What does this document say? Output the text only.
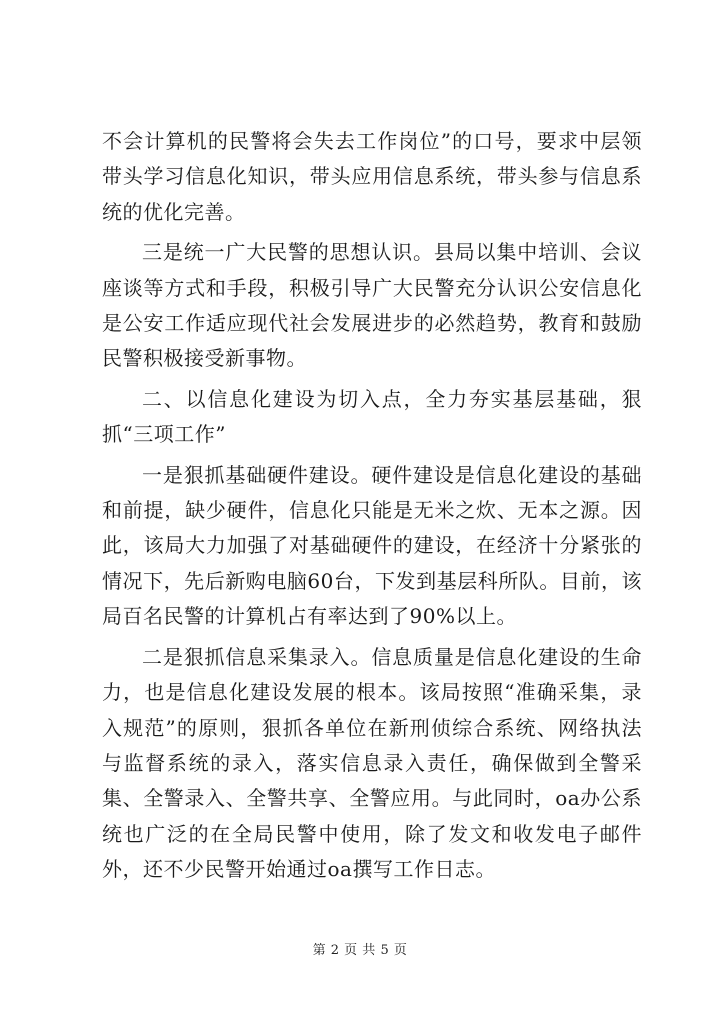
不会计算机的民警将会失去工作岗位”的口号，要求中层领带头学习信息化知识，带头应用信息系统，带头参与信息系统的优化完善。

三是统一广大民警的思想认识。县局以集中培训、会议座谈等方式和手段，积极引导广大民警充分认识公安信息化是公安工作适应现代社会发展进步的必然趋势，教育和鼓励民警积极接受新事物。

二、以信息化建设为切入点，全力夯实基层基础，狠抓“三项工作”

一是狠抓基础硬件建设。硬件建设是信息化建设的基础和前提，缺少硬件，信息化只能是无米之炊、无本之源。因此，该局大力加强了对基础硬件的建设，在经济十分紧张的情况下，先后新购电脑60台，下发到基层科所队。目前，该局百名民警的计算机占有率达到了90%以上。

二是狠抓信息采集录入。信息质量是信息化建设的生命力，也是信息化建设发展的根本。该局按照“准确采集，录入规范”的原则，狠抓各单位在新刑侦综合系统、网络执法与监督系统的录入，落实信息录入责任，确保做到全警采集、全警录入、全警共享、全警应用。与此同时，oa办公系统也广泛的在全局民警中使用，除了发文和收发电子邮件外，还不少民警开始通过oa撰写工作日志。

第 2 页 共 5 页
